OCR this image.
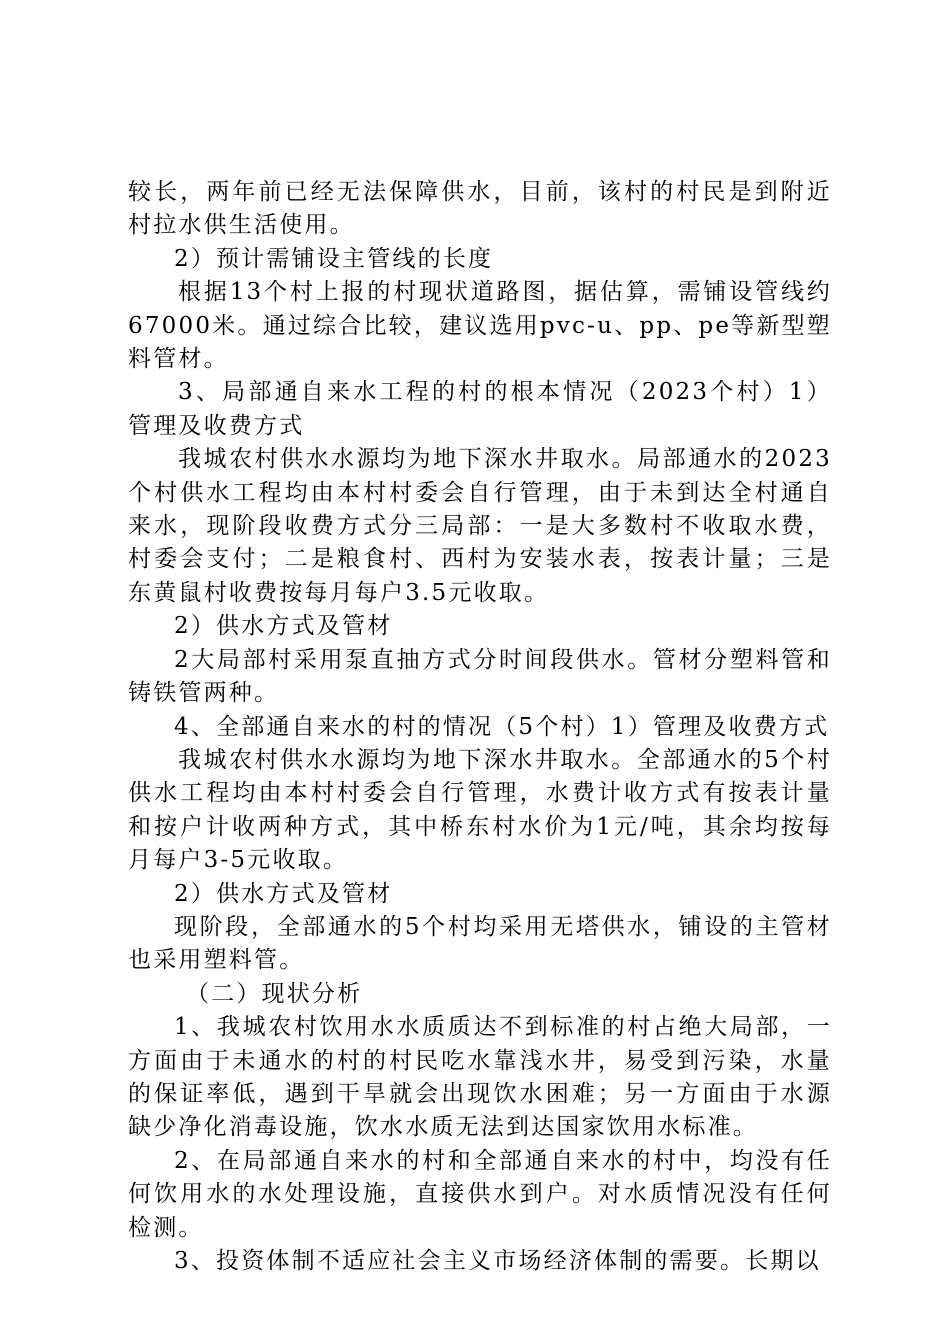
较长，两年前已经无法保障供水，目前，该村的村民是到附近村拉水供生活使用。

2）预计需铺设主管线的长度

根据13个村上报的村现状道路图，据估算，需铺设管线约67000米。通过综合比较，建议选用pvc-u、pp、pe等新型塑料管材。

3、局部通自来水工程的村的根本情况（2023个村）1）管理及收费方式

我城农村供水水源均为地下深水井取水。局部通水的2023个村供水工程均由本村村委会自行管理，由于未到达全村通自来水，现阶段收费方式分三局部：一是大多数村不收取水费，村委会支付；二是粮食村、西村为安装水表，按表计量；三是东黄鼠村收费按每月每户3.5元收取。

2）供水方式及管材

2大局部村采用泵直抽方式分时间段供水。管材分塑料管和铸铁管两种。

4、全部通自来水的村的情况（5个村）1）管理及收费方式

我城农村供水水源均为地下深水井取水。全部通水的5个村供水工程均由本村村委会自行管理，水费计收方式有按表计量和按户计收两种方式，其中桥东村水价为1元/吨，其余均按每月每户3-5元收取。

2）供水方式及管材

现阶段，全部通水的5个村均采用无塔供水，铺设的主管材也采用塑料管。

（二）现状分析

1、我城农村饮用水水质质达不到标准的村占绝大局部，一方面由于未通水的村的村民吃水靠浅水井，易受到污染，水量的保证率低，遇到干旱就会出现饮水困难；另一方面由于水源缺少净化消毒设施，饮水水质无法到达国家饮用水标准。

2、在局部通自来水的村和全部通自来水的村中，均没有任何饮用水的水处理设施，直接供水到户。对水质情况没有任何检测。

3、投资体制不适应社会主义市场经济体制的需要。长期以
